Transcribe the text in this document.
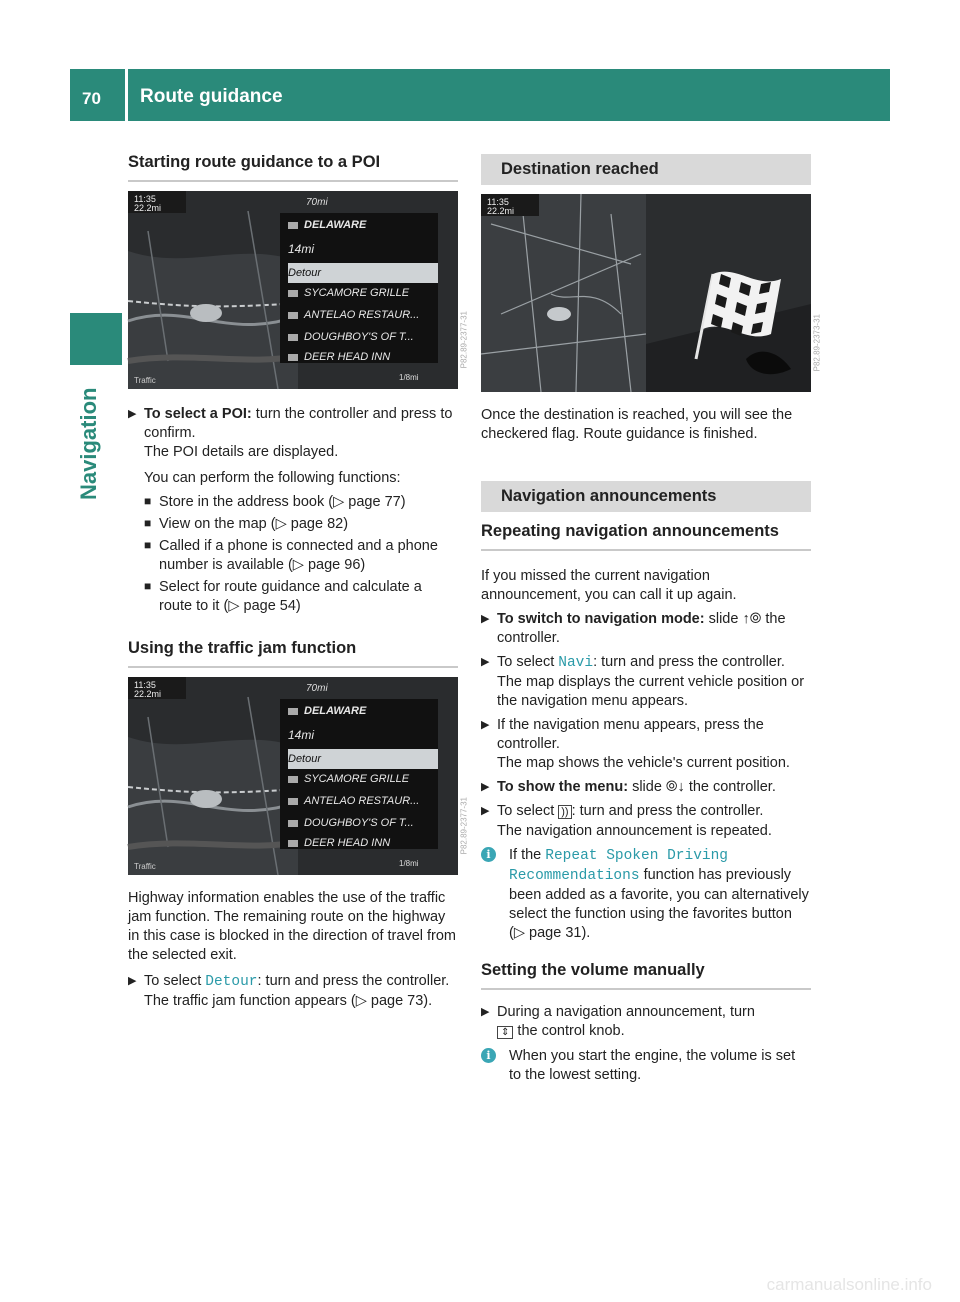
70 Route guidance
Navigation
Starting route guidance to a POI
11:35
22.2mi	70mi
DELAWARE
14mi
Detour
SYCAMORE GRILLE
ANTELAO RESTAUR...
DOUGHBOY'S OF T...
DEER HEAD INN
Traffic	1/8mi
P82.89-2377-31

▶ To select a POI: turn the controller and press to confirm.
The POI details are displayed.

You can perform the following functions:

■ Store in the address book (▷ page 77)

■ View on the map (▷ page 82)

■ Called if a phone is connected and a phone number is available (▷ page 96)

■ Select for route guidance and calculate a route to it (▷ page 54)

Using the traffic jam function
11:35
22.2mi	70mi
DELAWARE
14mi
Detour
SYCAMORE GRILLE
ANTELAO RESTAUR...
DOUGHBOY'S OF T...
DEER HEAD INN
Traffic	1/8mi
P82.89-2377-31

Highway information enables the use of the traffic jam function. The remaining route on the highway in this case is blocked in the direction of travel from the selected exit.

▶ To select Detour: turn and press the controller.
The traffic jam function appears (▷ page 73).

Destination reached
11:35
22.2mi
P82.89-2373-31

Once the destination is reached, you will see the checkered flag. Route guidance is finished.

Navigation announcements
Repeating navigation announcements

If you missed the current navigation announcement, you can call it up again.

▶ To switch to navigation mode: slide ↑⦾ the controller.

▶ To select Navi: turn and press the controller.
The map displays the current vehicle position or the navigation menu appears.

▶ If the navigation menu appears, press the controller.
The map shows the vehicle's current position.

▶ To show the menu: slide ⦾↓ the controller.

▶ To select )) : turn and press the controller.
The navigation announcement is repeated.

i	If the Repeat Spoken Driving Recommendations function has previously been added as a favorite, you can alternatively select the function using the favorites button (▷ page 31).

Setting the volume manually

▶ During a navigation announcement, turn
⇕ the control knob.

i	When you start the engine, the volume is set to the lowest setting.

carmanualsonline.info
